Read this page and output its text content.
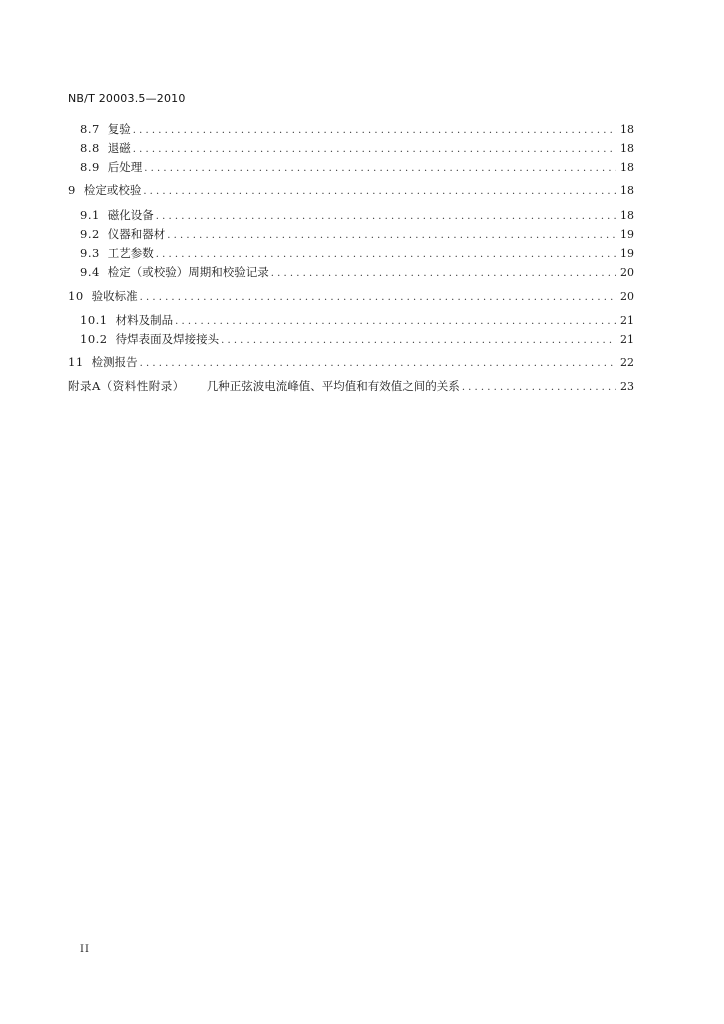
NB/T 20003.5—2010
8.7 复验 . . .	18
8.8 退磁 . . .	18
8.9 后处理 . . .	18
9 检定或校验 . . .	18
9.1 磁化设备 . . .	18
9.2 仪器和器材 . . .	19
9.3 工艺参数 . . .	19
9.4 检定（或校验）周期和校验记录 . . .	20
10 验收标准 . . .	20
10.1 材料及制品 . . .	21
10.2 待焊表面及焊接接头 . . .	21
11 检测报告 . . .	22
附录A（资料性附录） 几种正弦波电流峰值、平均值和有效值之间的关系 . . .	23
II
